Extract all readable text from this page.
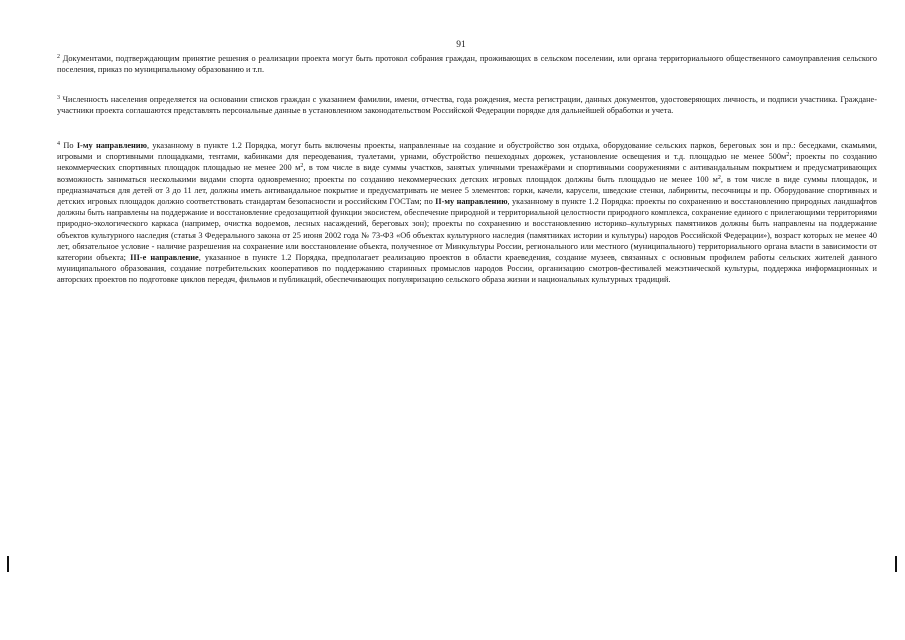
91

$^2$ Документами, подтверждающим принятие решения о реализации проекта могут быть протокол собрания граждан, проживающих в сельском поселении, или органа территориального общественного самоуправления сельского поселения, приказ по муниципальному образованию и т.п.

$^3$ Численность населения определяется на основании списков граждан с указанием фамилии, имени, отчества, года рождения, места регистрации, данных документов, удостоверяющих личность, и подписи участника. Граждане-участники проекта соглашаются представлять персональные данные в установленном законодательством Российской Федерации порядке для дальнейшей обработки и учета.

$^4$ По I-му направлению, указанному в пункте 1.2 Порядка, могут быть включены проекты, направленные на создание и обустройство зон отдыха, оборудование сельских парков, береговых зон и пр.: беседками, скамьями, игровыми и спортивными площадками, тентами, кабинками для переодевания, туалетами, урнами, обустройство пешеходных дорожек, установление освещения и т.д. площадью не менее $500м^2$; проекты по созданию некоммерческих спортивных площадок площадью не менее 200 $м^2$, в том числе в виде суммы участков, занятых уличными тренажёрами и спортивными сооружениями с антивандальным покрытием и предусматривающих возможность заниматься несколькими видами спорта одновременно; проекты по созданию некоммерческих детских игровых площадок должны быть площадью не менее 100 $м^2$, в том числе в виде суммы площадок, и предназначаться для детей от 3 до 11 лет, должны иметь антивандальное покрытие и предусматривать не менее 5 элементов: горки, качели, карусели, шведские стенки, лабиринты, песочницы и пр. Оборудование спортивных и детских игровых площадок должно соответствовать стандартам безопасности и российским ГОСТам; по II-му направлению, указанному в пункте 1.2 Порядка: проекты по сохранению и восстановлению природных ландшафтов должны быть направлены на поддержание и восстановление средозащитной функции экосистем, обеспечение природной и территориальной целостности природного комплекса, сохранение единого с прилегающими территориями природно-экологического каркаса (например, очистка водоемов, лесных насаждений, береговых зон); проекты по сохранению и восстановлению историко–культурных памятников должны быть направлены на поддержание объектов культурного наследия (статья 3 Федерального закона от 25 июня 2002 года № 73-ФЗ «Об объектах культурного наследия (памятниках истории и культуры) народов Российской Федерации»), возраст которых не менее 40 лет, обязательное условие - наличие разрешения на сохранение или восстановление объекта, полученное от Минкультуры России, регионального или местного (муниципального) территориального органа власти в зависимости от категории объекта; III-е направление, указанное в пункте 1.2 Порядка, предполагает реализацию проектов в области краеведения, создание музеев, связанных с основным профилем работы сельских жителей данного муниципального образования, создание потребительских кооперативов по поддержанию старинных промыслов народов России, организацию смотров-фестивалей межэтнической культуры, поддержка информационных и авторских проектов по подготовке циклов передач, фильмов и публикаций, обеспечивающих популяризацию сельского образа жизни и национальных культурных традиций.
